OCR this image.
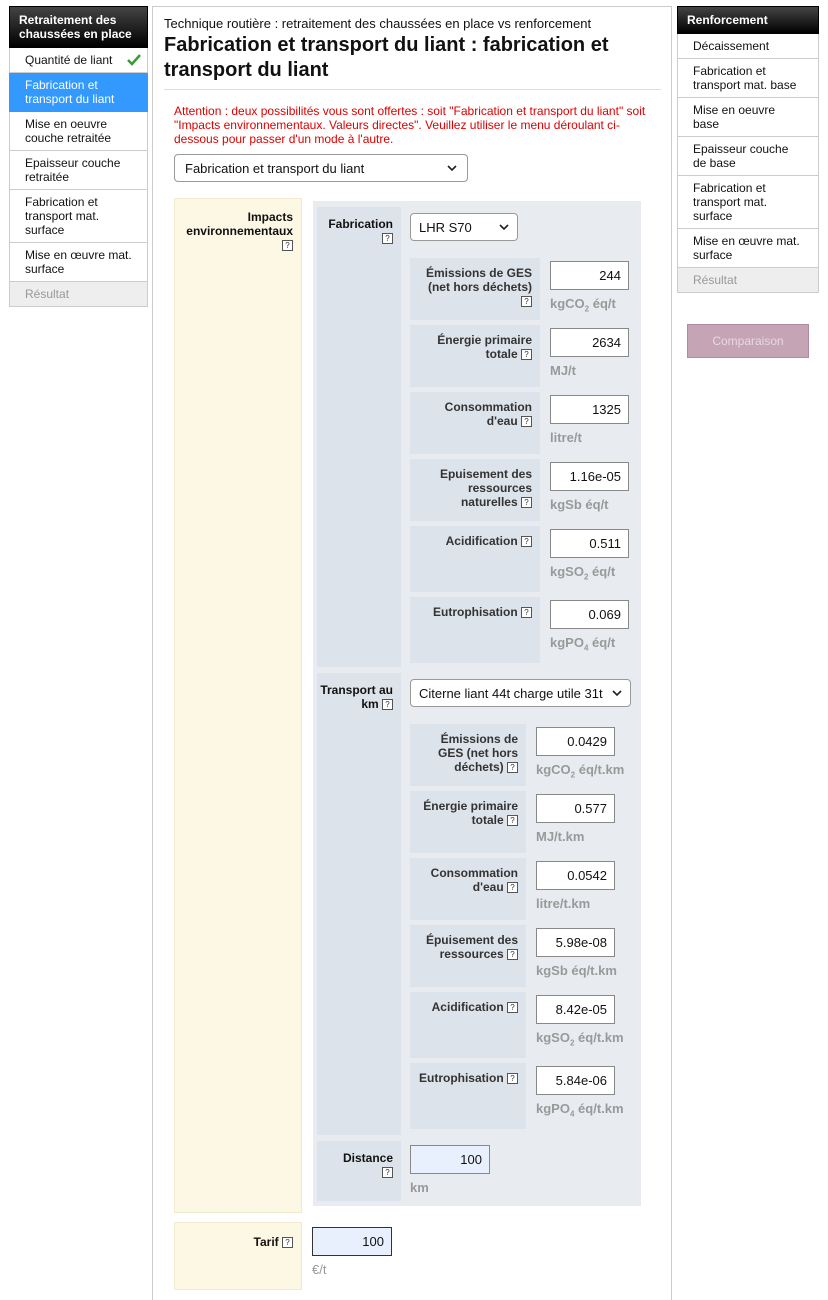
Retraitement des chaussées en place
Quantité de liant
Fabrication et transport du liant
Mise en oeuvre couche retraitée
Epaisseur couche retraitée
Fabrication et transport mat. surface
Mise en œuvre mat. surface
Résultat
Renforcement
Décaissement
Fabrication et transport mat. base
Mise en oeuvre base
Epaisseur couche de base
Fabrication et transport mat. surface
Mise en œuvre mat. surface
Résultat
Comparaison
Technique routière : retraitement des chaussées en place vs renforcement
Fabrication et transport du liant : fabrication et transport du liant
Attention : deux possibilités vous sont offertes : soit "Fabrication et transport du liant" soit "Impacts environnementaux. Valeurs directes". Veuillez utiliser le menu déroulant ci-dessous pour passer d'un mode à l'autre.
Fabrication et transport du liant
Impacts environnementaux
?
Fabrication
?
LHR S70
Émissions de GES (net hors déchets) ?
244
kgCO$_2$ éq/t
Énergie primaire totale ?
2634
MJ/t
Consommation d'eau ?
1325
litre/t
Epuisement des ressources naturelles ?
1.16e-05
kgSb éq/t
Acidification ?	0.511
kgSO$_2$ éq/t
Eutrophisation ?	0.069
kgPO$_4$ éq/t
Transport au km ?
Citerne liant 44t charge utile 31t
Émissions de GES (net hors déchets) ?
0.0429
kgCO$_2$ éq/t.km
Énergie primaire totale ?
0.577
MJ/t.km
Consommation d'eau ?
0.0542
litre/t.km
Épuisement des ressources ?
5.98e-08
kgSb éq/t.km
Acidification ?	8.42e-05
kgSO$_2$ éq/t.km
Eutrophisation ?	5.84e-06
kgPO$_4$ éq/t.km
Distance
?
100
km
Tarif ?	100
€/t
